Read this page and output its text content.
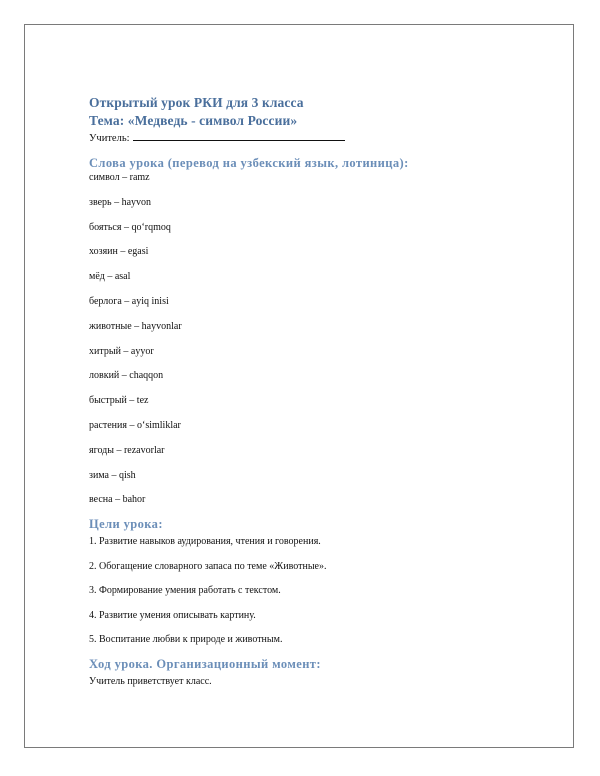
Открытый урок РКИ для 3 класса
Тема: «Медведь - символ России»
Учитель:
Слова урока (перевод на узбекский язык, лотиница):
символ – ramz
зверь – hayvon
бояться – qo‘rqmoq
хозяин – egasi
мёд – asal
берлога – ayiq inisi
животные – hayvonlar
хитрый – ayyor
ловкий – chaqqon
быстрый – tez
растения – o‘simliklar
ягоды – rezavorlar
зима – qish
весна – bahor
Цели урока:
1. Развитие навыков аудирования, чтения и говорения.
2. Обогащение словарного запаса по теме «Животные».
3. Формирование умения работать с текстом.
4. Развитие умения описывать картину.
5. Воспитание любви к природе и животным.
Ход урока. Организационный момент:
Учитель приветствует класс.
